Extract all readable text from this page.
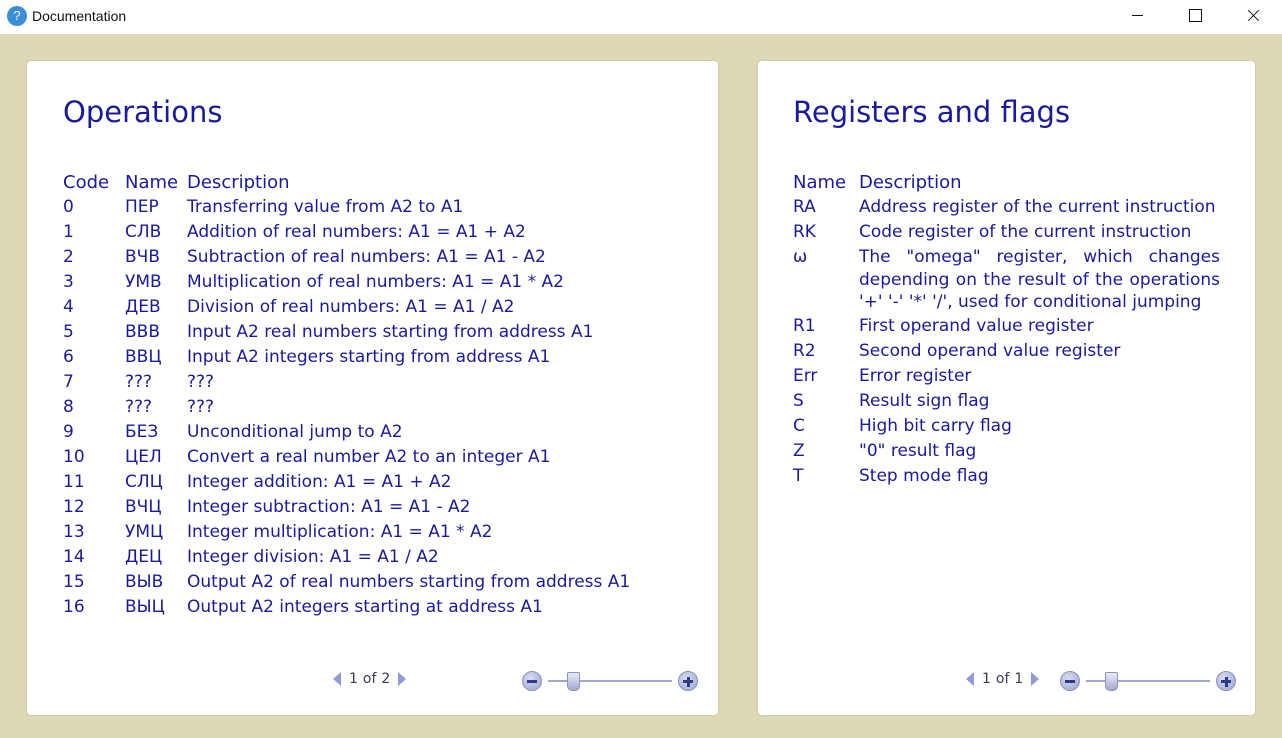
? Documentation
Operations
Code	Name	Description
0	ПЕР	Transferring value from A2 to A1
1	СЛВ	Addition of real numbers: A1 = A1 + A2
2	ВЧВ	Subtraction of real numbers: A1 = A1 - A2
3	УМВ	Multiplication of real numbers: A1 = A1 * A2
4	ДЕВ	Division of real numbers: A1 = A1 / A2
5	ВВВ	Input A2 real numbers starting from address A1
6	ВВЦ	Input A2 integers starting from address A1
7	???	???
8	???	???
9	БЕЗ	Unconditional jump to A2
10	ЦЕЛ	Convert a real number A2 to an integer A1
11	СЛЦ	Integer addition: A1 = A1 + A2
12	ВЧЦ	Integer subtraction: A1 = A1 - A2
13	УМЦ	Integer multiplication: A1 = A1 * A2
14	ДЕЦ	Integer division: A1 = A1 / A2
15	ВЫВ	Output A2 of real numbers starting from address A1
16	ВЫЦ	Output A2 integers starting at address A1
1 of 2
Registers and flags
Name	Description
RA	Address register of the current instruction
RK	Code register of the current instruction
ω	The "omega" register, which changes depending on the result of the operations '+' '-' '*' '/', used for conditional jumping
R1	First operand value register
R2	Second operand value register
Err	Error register
S	Result sign flag
C	High bit carry flag
Z	"0" result flag
T	Step mode flag
1 of 1
